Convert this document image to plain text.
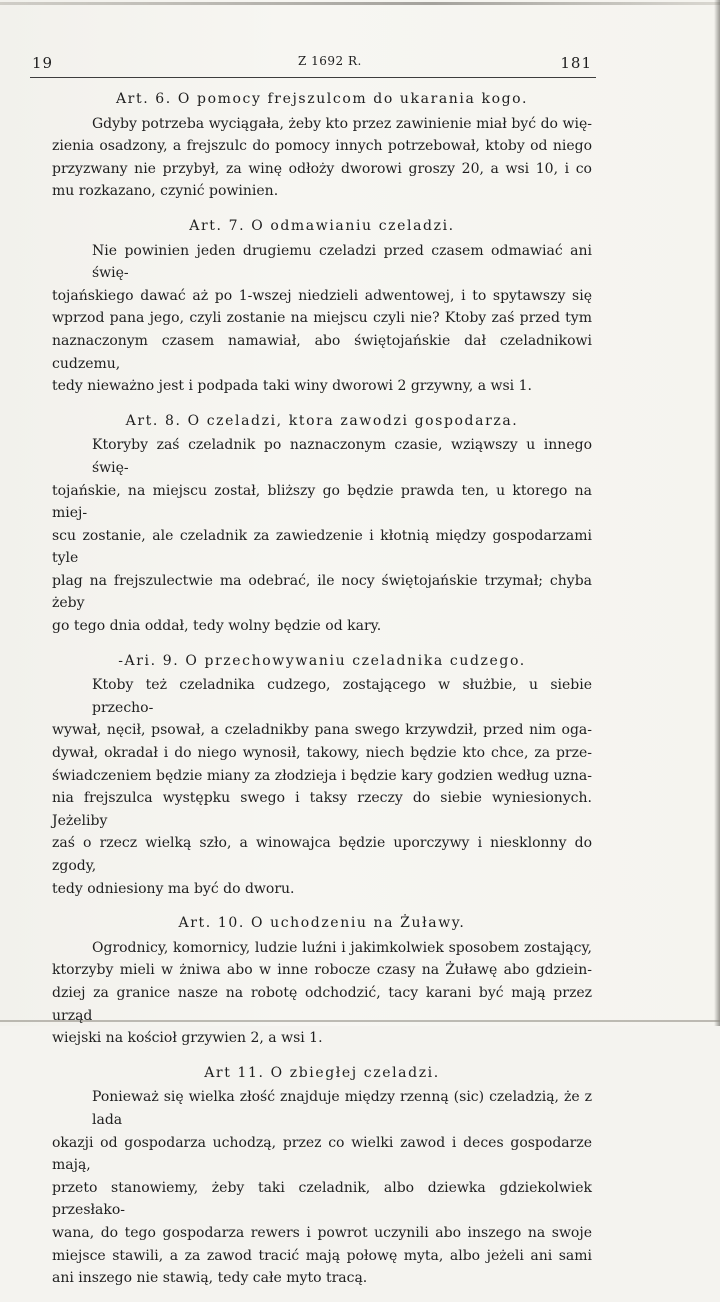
19	Z 1692 R.	181

Art. 6. O pomocy frejszulcom do ukarania kogo.

Gdyby potrzeba wyciągała, żeby kto przez zawinienie miał być do wię-
zienia osadzony, a frejszulc do pomocy innych potrzebował, ktoby od niego
przyzwany nie przybył, za winę odłoży dworowi groszy 20, a wsi 10, i co
mu rozkazano, czynić powinien.

Art. 7. O odmawianiu czeladzi.

Nie powinien jeden drugiemu czeladzi przed czasem odmawiać ani świę-
tojańskiego dawać aż po 1-wszej niedzieli adwentowej, i to spytawszy się
wprzod pana jego, czyli zostanie na miejscu czyli nie? Ktoby zaś przed tym
naznaczonym czasem namawiał, abo świętojańskie dał czeladnikowi cudzemu,
tedy nieważno jest i podpada taki winy dworowi 2 grzywny, a wsi 1.

Art. 8. O czeladzi, ktora zawodzi gospodarza.

Ktoryby zaś czeladnik po naznaczonym czasie, wziąwszy u innego świę-
tojańskie, na miejscu został, bliższy go będzie prawda ten, u ktorego na miej-
scu zostanie, ale czeladnik za zawiedzenie i kłotnią między gospodarzami tyle
plag na frejszulectwie ma odebrać, ile nocy świętojańskie trzymał; chyba żeby
go tego dnia oddał, tedy wolny będzie od kary.

-Ari. 9. O przechowywaniu czeladnika cudzego.

Ktoby też czeladnika cudzego, zostającego w służbie, u siebie przecho-
wywał, nęcił, psował, a czeladnikby pana swego krzywdził, przed nim oga-
dywał, okradał i do niego wynosił, takowy, niech będzie kto chce, za prze-
świadczeniem będzie miany za złodzieja i będzie kary godzien według uzna-
nia frejszulca występku swego i taksy rzeczy do siebie wyniesionych. Jeżeliby
zaś o rzecz wielką szło, a winowajca będzie uporczywy i niesklonny do zgody,
tedy odniesiony ma być do dworu.

Art. 10. O uchodzeniu na Żuławy.

Ogrodnicy, komornicy, ludzie luźni i jakimkolwiek sposobem zostający,
ktorzyby mieli w żniwa abo w inne robocze czasy na Żuławę abo gdziein-
dziej za granice nasze na robotę odchodzić, tacy karani być mają przez urząd
wiejski na kościoł grzywien 2, a wsi 1.

Art 11. O zbiegłej czeladzi.

Ponieważ się wielka złość znajduje między rzenną (sic) czeladzią, że z lada
okazji od gospodarza uchodzą, przez co wielki zawod i deces gospodarze mają,
przeto stanowiemy, żeby taki czeladnik, albo dziewka gdziekolwiek przesłako-
wana, do tego gospodarza rewers i powrot uczynili abo inszego na swoje
miejsce stawili, a za zawod tracić mają połowę myta, albo jeżeli ani sami
ani inszego nie stawią, tedy całe myto tracą.
